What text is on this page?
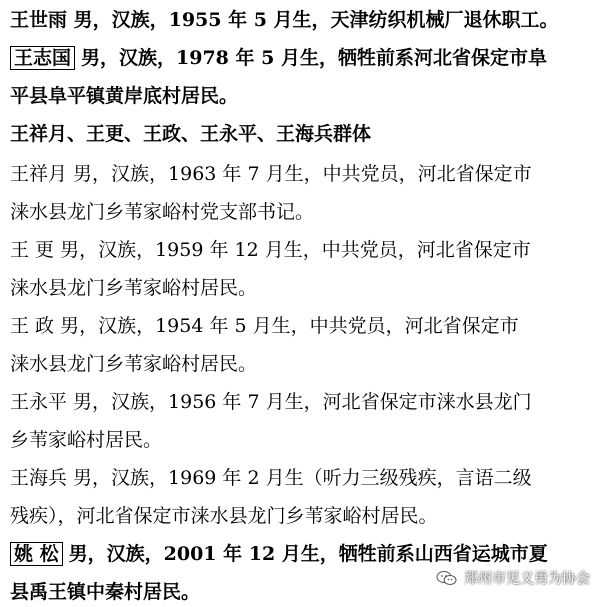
王世雨 男，汉族，1955 年 5 月生，天津纺织机械厂退休职工。
王志国 男，汉族，1978 年 5 月生，牺牲前系河北省保定市阜
平县阜平镇黄岸底村居民。
王祥月、王更、王政、王永平、王海兵群体
王祥月 男，汉族，1963 年 7 月生，中共党员，河北省保定市
涞水县龙门乡苇家峪村党支部书记。
王 更 男，汉族，1959 年 12 月生，中共党员，河北省保定市
涞水县龙门乡苇家峪村居民。
王 政 男，汉族，1954 年 5 月生，中共党员，河北省保定市
涞水县龙门乡苇家峪村居民。
王永平 男，汉族，1956 年 7 月生，河北省保定市涞水县龙门
乡苇家峪村居民。
王海兵 男，汉族，1969 年 2 月生（听力三级残疾，言语二级
残疾），河北省保定市涞水县龙门乡苇家峪村居民。
姚 松 男，汉族，2001 年 12 月生，牺牲前系山西省运城市夏
县禹王镇中秦村居民。
郑州市见义勇为协会
